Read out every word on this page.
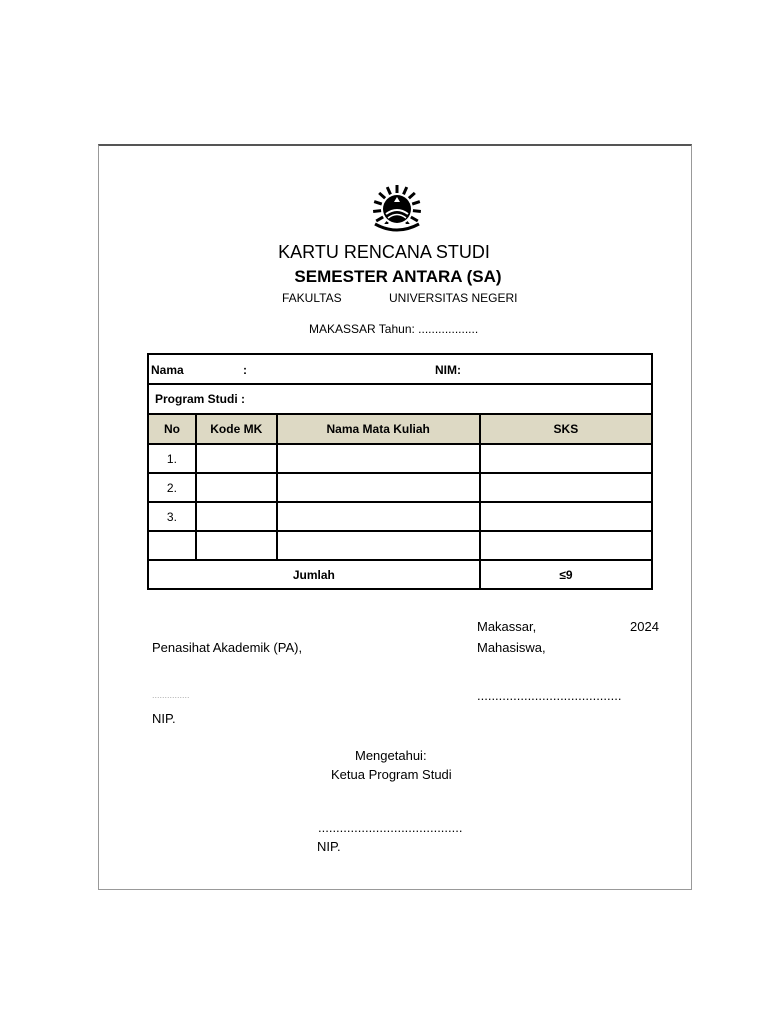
KARTU RENCANA STUDI
SEMESTER ANTARA (SA)
FAKULTAS	UNIVERSITAS NEGERI
MAKASSAR Tahun: ..................
Nama : NIM:			

Program Studi :			
No	Kode MK	Nama Mata Kuliah	SKS
1.			
2.			
3.			

Jumlah			≤9
Makassar,	2024
Penasihat Akademik (PA),	Mahasiswa,
...............	........................................
NIP.
Mengetahui:
Ketua Program Studi
........................................
NIP.
